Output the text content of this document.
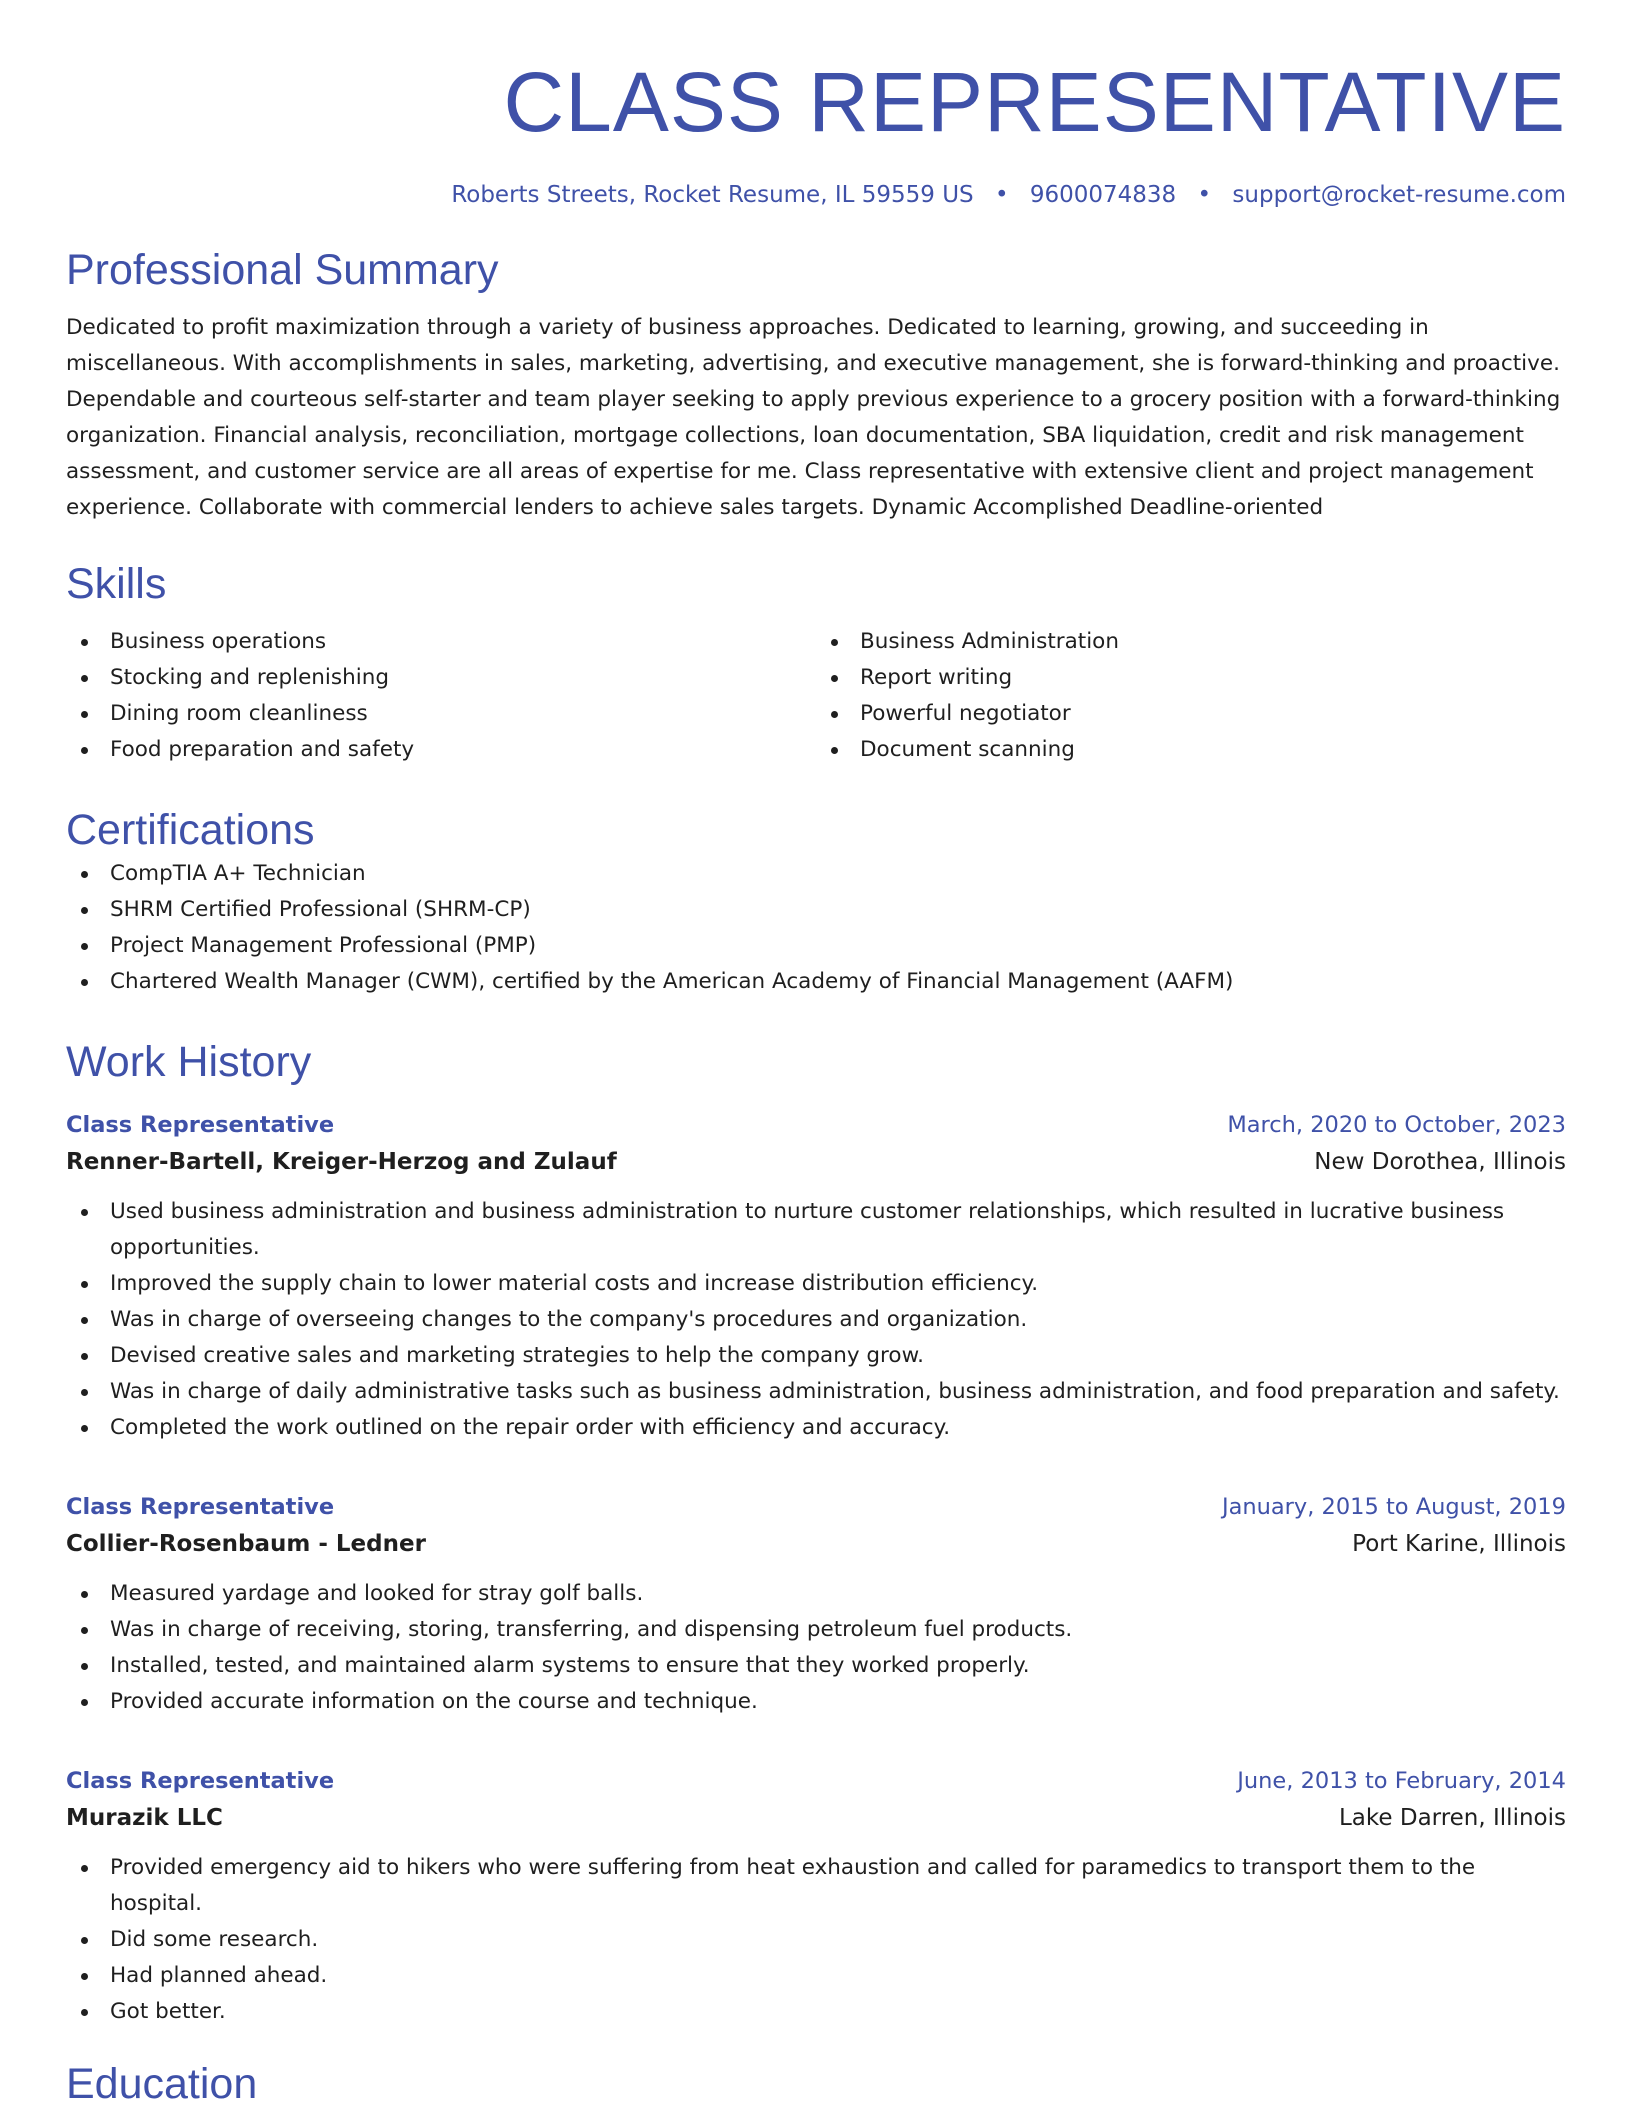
CLASS REPRESENTATIVE
Roberts Streets, Rocket Resume, IL 59559 US • 9600074838 • support@rocket-resume.com
Professional Summary
Dedicated to profit maximization through a variety of business approaches. Dedicated to learning, growing, and succeeding in miscellaneous. With accomplishments in sales, marketing, advertising, and executive management, she is forward-thinking and proactive. Dependable and courteous self-starter and team player seeking to apply previous experience to a grocery position with a forward-thinking organization. Financial analysis, reconciliation, mortgage collections, loan documentation, SBA liquidation, credit and risk management assessment, and customer service are all areas of expertise for me. Class representative with extensive client and project management experience. Collaborate with commercial lenders to achieve sales targets. Dynamic Accomplished Deadline-oriented
Skills
Business operations
Stocking and replenishing
Dining room cleanliness
Food preparation and safety
Business Administration
Report writing
Powerful negotiator
Document scanning
Certifications
CompTIA A+ Technician
SHRM Certified Professional (SHRM-CP)
Project Management Professional (PMP)
Chartered Wealth Manager (CWM), certified by the American Academy of Financial Management (AAFM)
Work History
Class Representative	March, 2020 to October, 2023
Renner-Bartell, Kreiger-Herzog and Zulauf	New Dorothea, Illinois
Used business administration and business administration to nurture customer relationships, which resulted in lucrative business opportunities.
Improved the supply chain to lower material costs and increase distribution efficiency.
Was in charge of overseeing changes to the company's procedures and organization.
Devised creative sales and marketing strategies to help the company grow.
Was in charge of daily administrative tasks such as business administration, business administration, and food preparation and safety.
Completed the work outlined on the repair order with efficiency and accuracy.
Class Representative	January, 2015 to August, 2019
Collier-Rosenbaum - Ledner	Port Karine, Illinois
Measured yardage and looked for stray golf balls.
Was in charge of receiving, storing, transferring, and dispensing petroleum fuel products.
Installed, tested, and maintained alarm systems to ensure that they worked properly.
Provided accurate information on the course and technique.
Class Representative	June, 2013 to February, 2014
Murazik LLC	Lake Darren, Illinois
Provided emergency aid to hikers who were suffering from heat exhaustion and called for paramedics to transport them to the hospital.
Did some research.
Had planned ahead.
Got better.
Education
